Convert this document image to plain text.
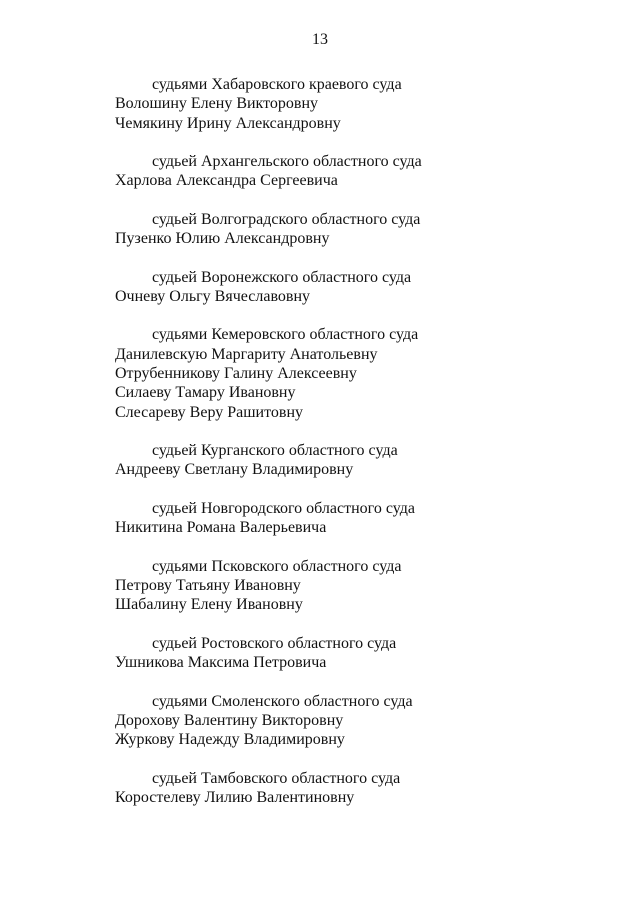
13
судьями Хабаровского краевого суда
Волошину Елену Викторовну
Чемякину Ирину Александровну
судьей Архангельского областного суда
Харлова Александра Сергеевича
судьей Волгоградского областного суда
Пузенко Юлию Александровну
судьей Воронежского областного суда
Очневу Ольгу Вячеславовну
судьями Кемеровского областного суда
Данилевскую Маргариту Анатольевну
Отрубенникову Галину Алексеевну
Силаеву Тамару Ивановну
Слесареву Веру Рашитовну
судьей Курганского областного суда
Андрееву Светлану Владимировну
судьей Новгородского областного суда
Никитина Романа Валерьевича
судьями Псковского областного суда
Петрову Татьяну Ивановну
Шабалину Елену Ивановну
судьей Ростовского областного суда
Ушникова Максима Петровича
судьями Смоленского областного суда
Дорохову Валентину Викторовну
Журкову Надежду Владимировну
судьей Тамбовского областного суда
Коростелеву Лилию Валентиновну
